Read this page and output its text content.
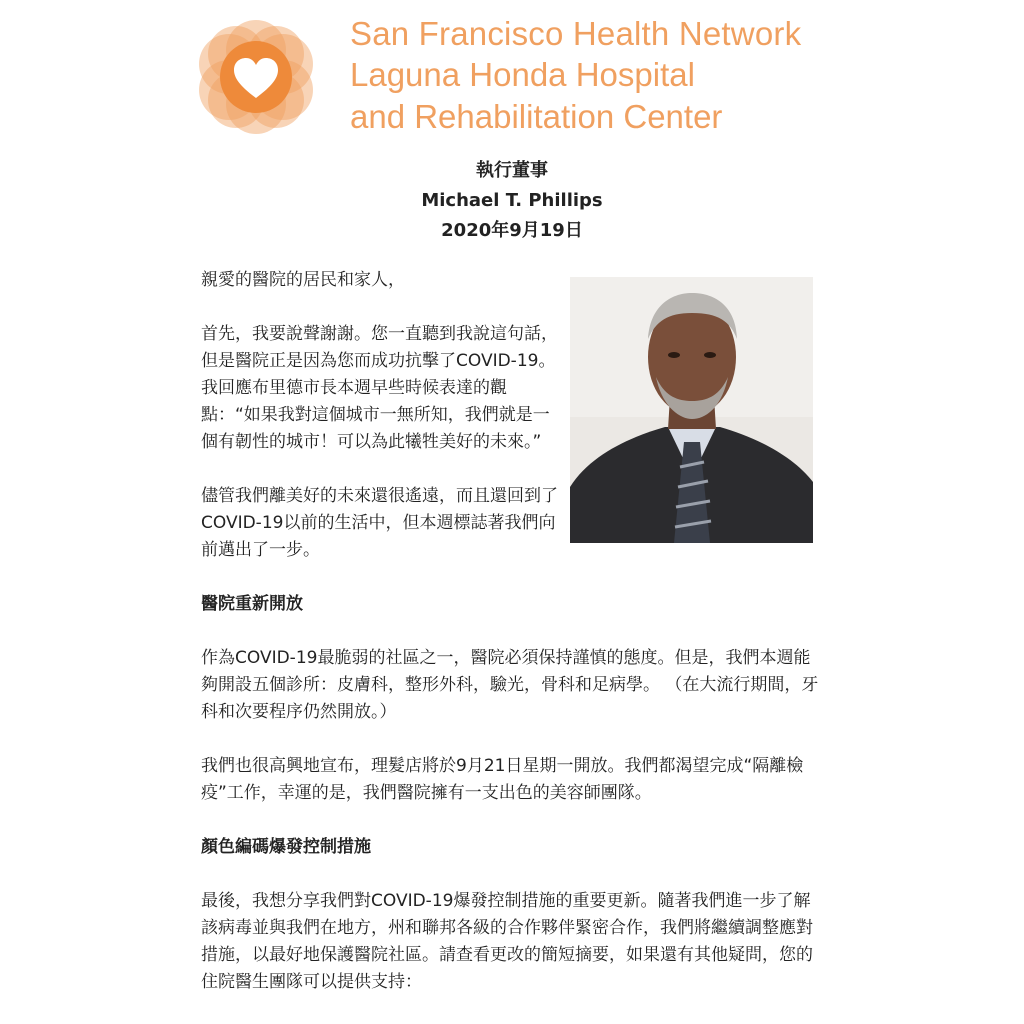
San Francisco Health Network
Laguna Honda Hospital
and Rehabilitation Center
執行董事
Michael T. Phillips
2020年9月19日

親愛的醫院的居民和家人，

首先，我要說聲謝謝。您一直聽到我說這句話，但是醫院正是因為您而成功抗擊了COVID-19。我回應布里德市長本週早些時候表達的觀點：“如果我對這個城市一無所知，我們就是一個有韌性的城市！可以為此犧牲美好的未來。”

儘管我們離美好的未來還很遙遠，而且還回到了COVID-19以前的生活中，但本週標誌著我們向前邁出了一步。

醫院重新開放

作為COVID-19最脆弱的社區之一，醫院必須保持謹慎的態度。但是，我們本週能夠開設五個診所：皮膚科，整形外科，驗光，骨科和足病學。 （在大流行期間，牙科和次要程序仍然開放。）

我們也很高興地宣布，理髮店將於9月21日星期一開放。我們都渴望完成“隔離檢疫”工作，幸運的是，我們醫院擁有一支出色的美容師團隊。

顏色編碼爆發控制措施

最後，我想分享我們對COVID-19爆發控制措施的重要更新。隨著我們進一步了解該病毒並與我們在地方，州和聯邦各級的合作夥伴緊密合作，我們將繼續調整應對措施，以最好地保護醫院社區。請查看更改的簡短摘要，如果還有其他疑問，您的住院醫生團隊可以提供支持：
